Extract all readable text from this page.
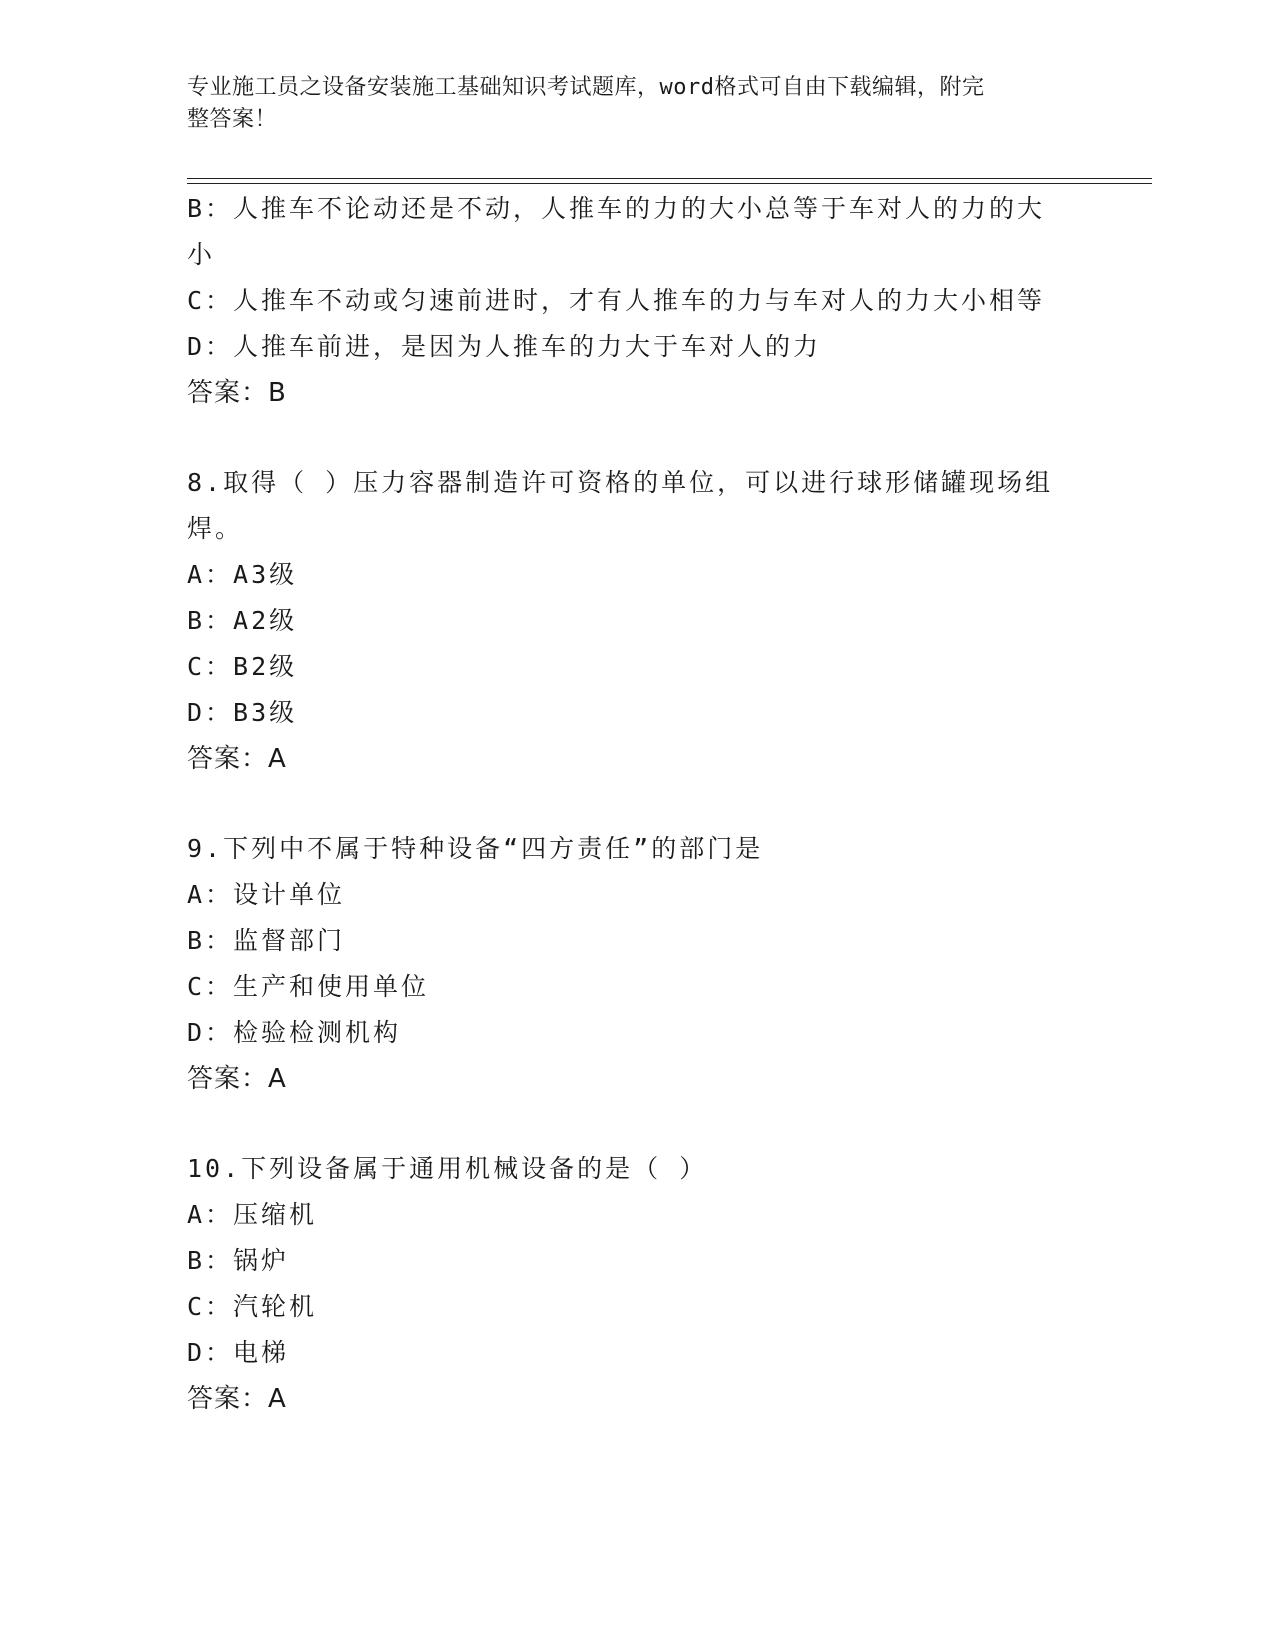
专业施工员之设备安装施工基础知识考试题库，word格式可自由下载编辑，附完
整答案！
B：人推车不论动还是不动，人推车的力的大小总等于车对人的力的大
小
C：人推车不动或匀速前进时，才有人推车的力与车对人的力大小相等
D：人推车前进，是因为人推车的力大于车对人的力
答案：B
8.取得（ ）压力容器制造许可资格的单位，可以进行球形储罐现场组
焊。
A：A3级
B：A2级
C：B2级
D：B3级
答案：A
9.下列中不属于特种设备“四方责任”的部门是
A：设计单位
B：监督部门
C：生产和使用单位
D：检验检测机构
答案：A
10.下列设备属于通用机械设备的是（ ）
A：压缩机
B：锅炉
C：汽轮机
D：电梯
答案：A
